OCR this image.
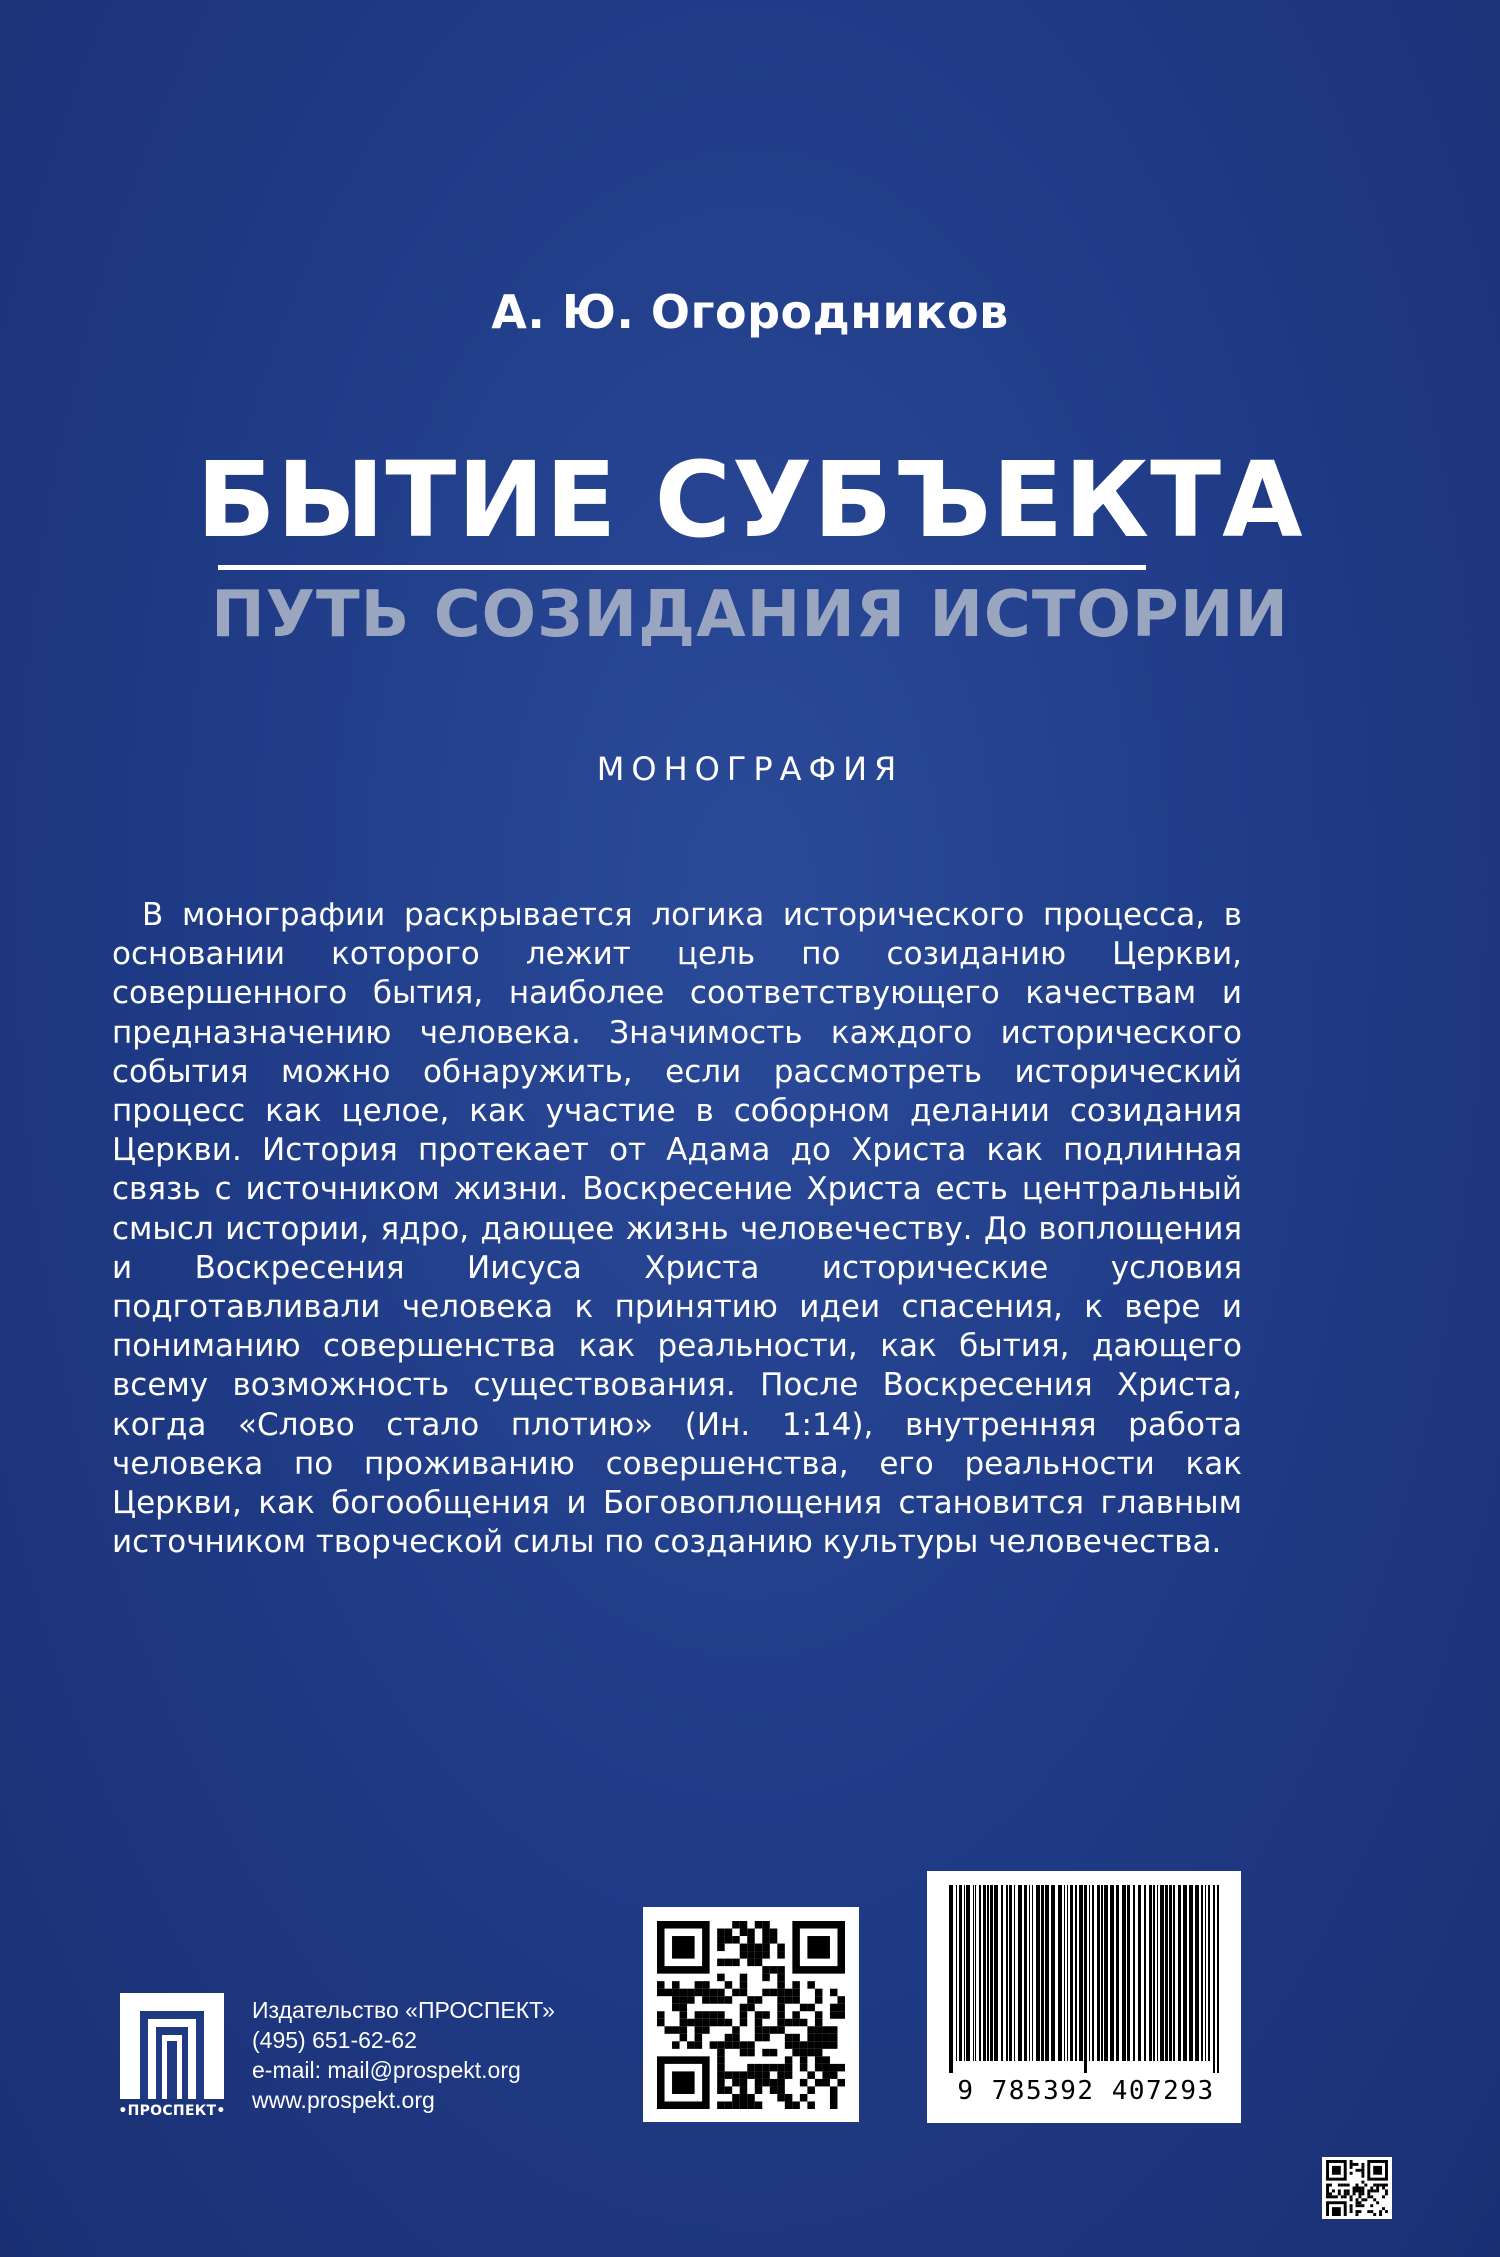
А. Ю. Огородников
БЫТИЕ СУБЪЕКТА
ПУТЬ СОЗИДАНИЯ ИСТОРИИ
МОНОГРАФИЯ
В монографии раскрывается логика исторического процесса, в основании которого лежит цель по созиданию Церкви, совершенного бытия, наиболее соответствующего качествам и предназначению человека. Значимость каждого исторического события можно обнаружить, если рассмотреть исторический процесс как целое, как участие в соборном делании созидания Церкви. История протекает от Адама до Христа как подлинная связь с источником жизни. Воскресение Христа есть центральный смысл истории, ядро, дающее жизнь человечеству. До воплощения и Воскресения Иисуса Христа исторические условия подготавливали человека к принятию идеи спасения, к вере и пониманию совершенства как реальности, как бытия, дающего всему возможность существования. После Воскресения Христа, когда «Слово стало плотию» (Ин. 1:14), внутренняя работа человека по проживанию совершенства, его реальности как Церкви, как богообщения и Боговоплощения становится главным источником творческой силы по созданию культуры человечества.
•ПРОСПЕКТ•
Издательство «ПРОСПЕКТ»
(495) 651-62-62
e-mail: mail@prospekt.org
www.prospekt.org	9 785392 407293
